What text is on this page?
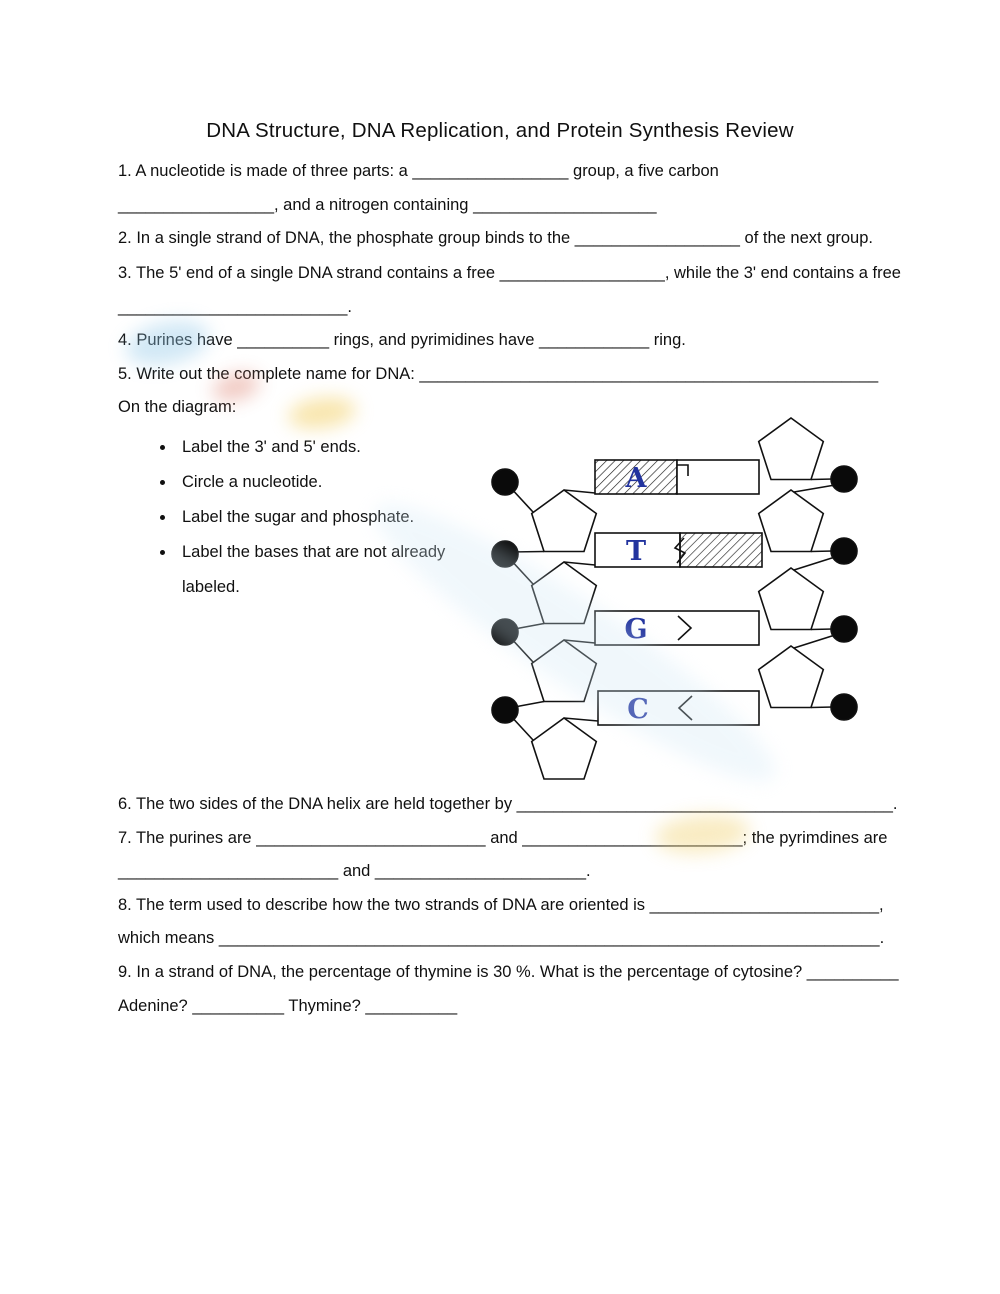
DNA Structure, DNA Replication, and Protein Synthesis Review
1. A nucleotide is made of three parts: a _________________ group, a five carbon
_________________, and a nitrogen containing ____________________
2. In a single strand of DNA, the phosphate group binds to the __________________ of the next group.
3. The 5' end of a single DNA strand contains a free __________________, while the 3' end contains a free
_________________________.
4. Purines have __________ rings, and pyrimidines have ____________ ring.
5. Write out the complete name for DNA: __________________________________________________
On the diagram:
• Label the 3' and 5' ends.
• Circle a nucleotide.
• Label the sugar and phosphate.
• Label the bases that are not already labeled.
A
T
G
C
6. The two sides of the DNA helix are held together by _________________________________________.
7. The purines are _________________________ and ________________________; the pyrimdines are
________________________ and _______________________.
8. The term used to describe how the two strands of DNA are oriented is _________________________,
which means ________________________________________________________________________.
9. In a strand of DNA, the percentage of thymine is 30 %. What is the percentage of cytosine? __________
Adenine? __________ Thymine? __________
